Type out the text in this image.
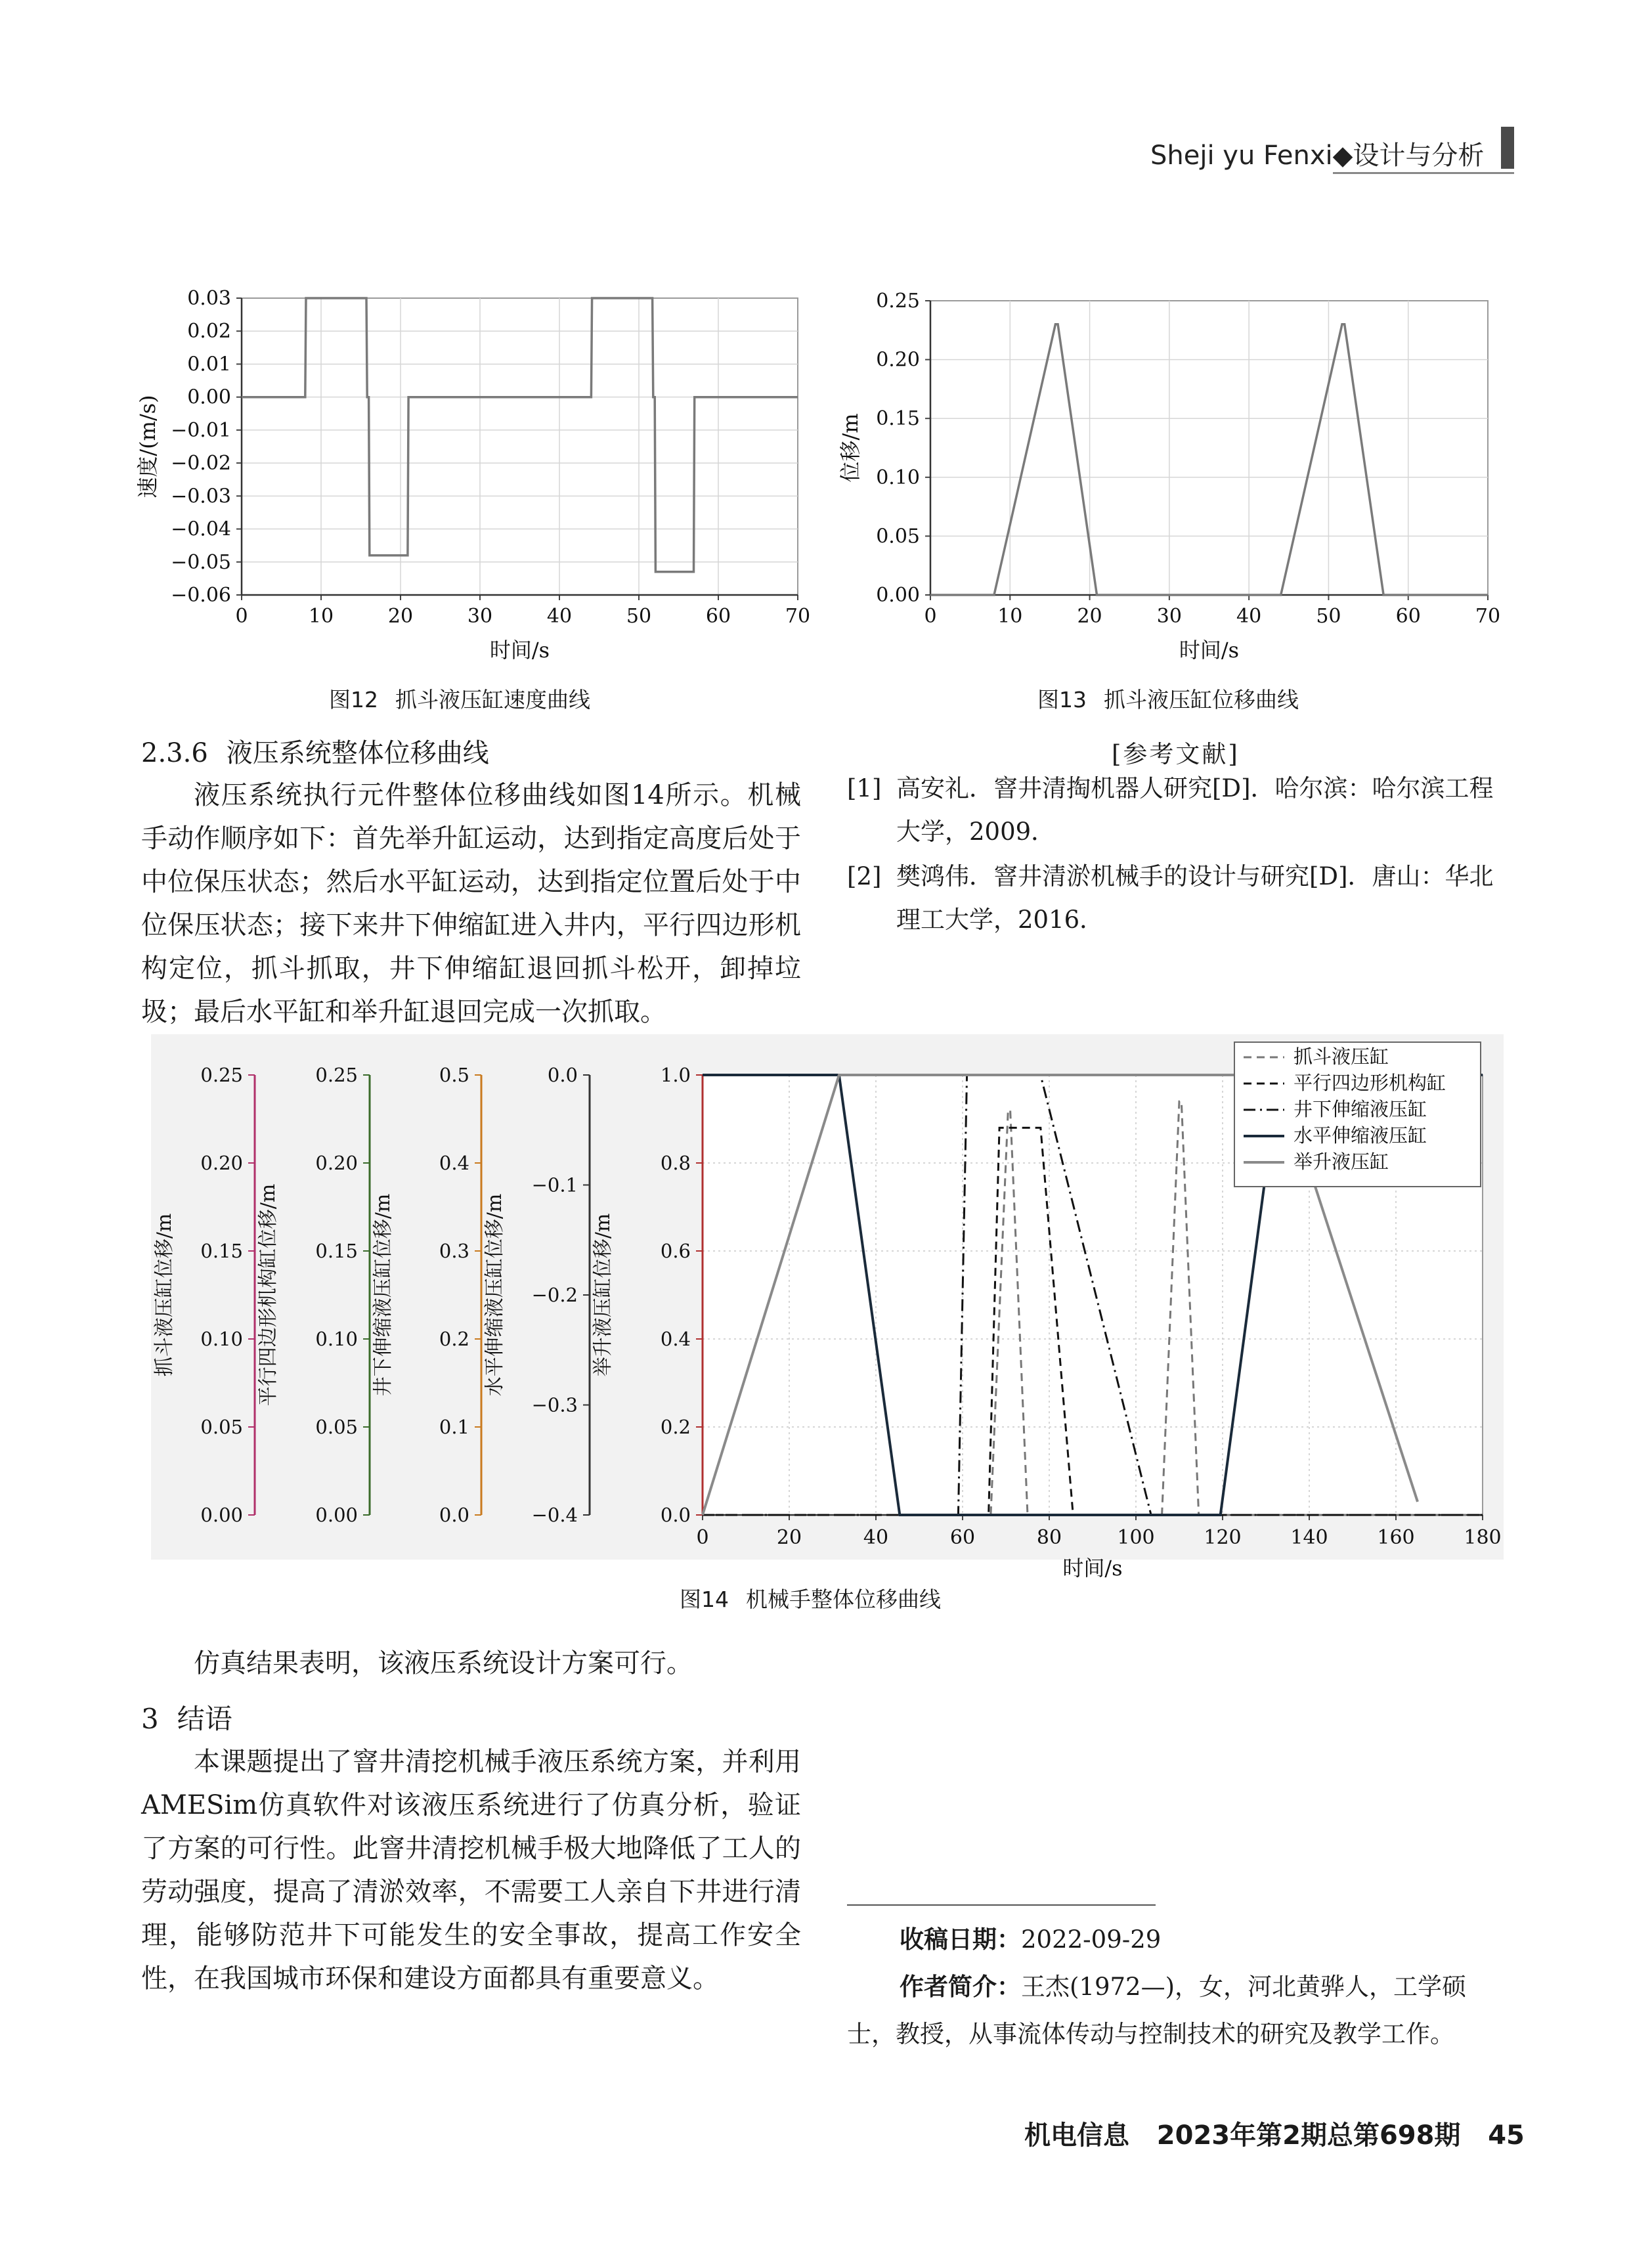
Sheji yu Fenxi◆设计与分析
0	10	20	30	40	50	60	70
0.03
0.02
0.01
0.00
−0.01
−0.02
−0.03
−0.04
−0.05
−0.06
时间/s
速度/(m/s)
图12 抓斗液压缸速度曲线
0	10	20	30	40	50	60	70
0.25
0.20
0.15
0.10
0.05
0.00
时间/s
位移/m
图13 抓斗液压缸位移曲线
2.3.6 液压系统整体位移曲线

液压系统执行元件整体位移曲线如图14所示。机械手动作顺序如下：首先举升缸运动，达到指定高度后处于中位保压状态；然后水平缸运动，达到指定位置后处于中位保压状态；接下来井下伸缩缸进入井内，平行四边形机构定位，抓斗抓取，井下伸缩缸退回抓斗松开，卸掉垃圾；最后水平缸和举升缸退回完成一次抓取。

[参考文献]
[1] 高安礼．窨井清掏机器人研究[D]．哈尔滨：哈尔滨工程大学，2009．
[2] 樊鸿伟．窨井清淤机械手的设计与研究[D]．唐山：华北理工大学，2016．
0	20	40	60	80	100 120 140 160 180
时间/s
0.25
0.20
0.15
0.10
0.05
0.00
抓斗液压缸位移/m
0.25
0.20
0.15
0.10
0.05
0.00
平行四边形机构缸位移/m
0.5
0.4
0.3
0.2
0.1
0.0
井下伸缩液压缸位移/m
0.0
−0.1
−0.2
−0.3
−0.4
水平伸缩液压缸位移/m
1.0
0.8
0.6
0.4
0.2
0.0
举升液压缸位移/m
抓斗液压缸
平行四边形机构缸
井下伸缩液压缸
水平伸缩液压缸
举升液压缸
图14 机械手整体位移曲线

仿真结果表明，该液压系统设计方案可行。

3 结语

本课题提出了窨井清挖机械手液压系统方案，并利用AMESim仿真软件对该液压系统进行了仿真分析，验证了方案的可行性。此窨井清挖机械手极大地降低了工人的劳动强度，提高了清淤效率，不需要工人亲自下井进行清理，能够防范井下可能发生的安全事故，提高工作安全性，在我国城市环保和建设方面都具有重要意义。

收稿日期：2022-09-29
作者简介：王杰(1972—)，女，河北黄骅人，工学硕士，教授，从事流体传动与控制技术的研究及教学工作。
机电信息 2023年第2期总第698期 45
